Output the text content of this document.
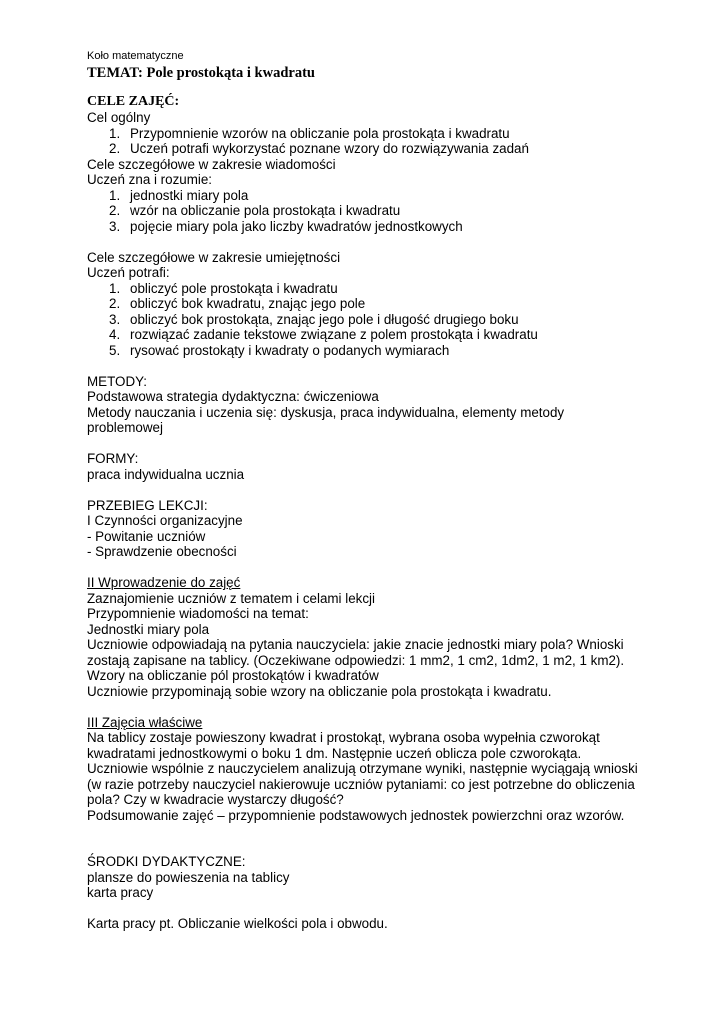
Koło matematyczne
TEMAT: Pole prostokąta i kwadratu
CELE ZAJĘĆ:
Cel ogólny
1. Przypomnienie wzorów na obliczanie pola prostokąta i kwadratu
2. Uczeń potrafi wykorzystać poznane wzory do rozwiązywania zadań
Cele szczegółowe w zakresie wiadomości
Uczeń zna i rozumie:
1. jednostki miary pola
2. wzór na obliczanie pola prostokąta i kwadratu
3. pojęcie miary pola jako liczby kwadratów jednostkowych
Cele szczegółowe w zakresie umiejętności
Uczeń potrafi:
1. obliczyć pole prostokąta i kwadratu
2. obliczyć bok kwadratu, znając jego pole
3. obliczyć bok prostokąta, znając jego pole i długość drugiego boku
4. rozwiązać zadanie tekstowe związane z polem prostokąta i kwadratu
5. rysować prostokąty i kwadraty o podanych wymiarach
METODY:
Podstawowa strategia dydaktyczna: ćwiczeniowa
Metody nauczania i uczenia się: dyskusja, praca indywidualna, elementy metody
problemowej
FORMY:
praca indywidualna ucznia
PRZEBIEG LEKCJI:
I Czynności organizacyjne
- Powitanie uczniów
- Sprawdzenie obecności
II Wprowadzenie do zajęć
Zaznajomienie uczniów z tematem i celami lekcji
Przypomnienie wiadomości na temat:
Jednostki miary pola
Uczniowie odpowiadają na pytania nauczyciela: jakie znacie jednostki miary pola? Wnioski
zostają zapisane na tablicy. (Oczekiwane odpowiedzi: 1 mm2, 1 cm2, 1dm2, 1 m2, 1 km2).
Wzory na obliczanie pól prostokątów i kwadratów
Uczniowie przypominają sobie wzory na obliczanie pola prostokąta i kwadratu.
III Zajęcia właściwe
Na tablicy zostaje powieszony kwadrat i prostokąt, wybrana osoba wypełnia czworokąt
kwadratami jednostkowymi o boku 1 dm. Następnie uczeń oblicza pole czworokąta.
Uczniowie wspólnie z nauczycielem analizują otrzymane wyniki, następnie wyciągają wnioski
(w razie potrzeby nauczyciel nakierowuje uczniów pytaniami: co jest potrzebne do obliczenia
pola? Czy w kwadracie wystarczy długość?
Podsumowanie zajęć – przypomnienie podstawowych jednostek powierzchni oraz wzorów.
ŚRODKI DYDAKTYCZNE:
plansze do powieszenia na tablicy
karta pracy
Karta pracy pt. Obliczanie wielkości pola i obwodu.
